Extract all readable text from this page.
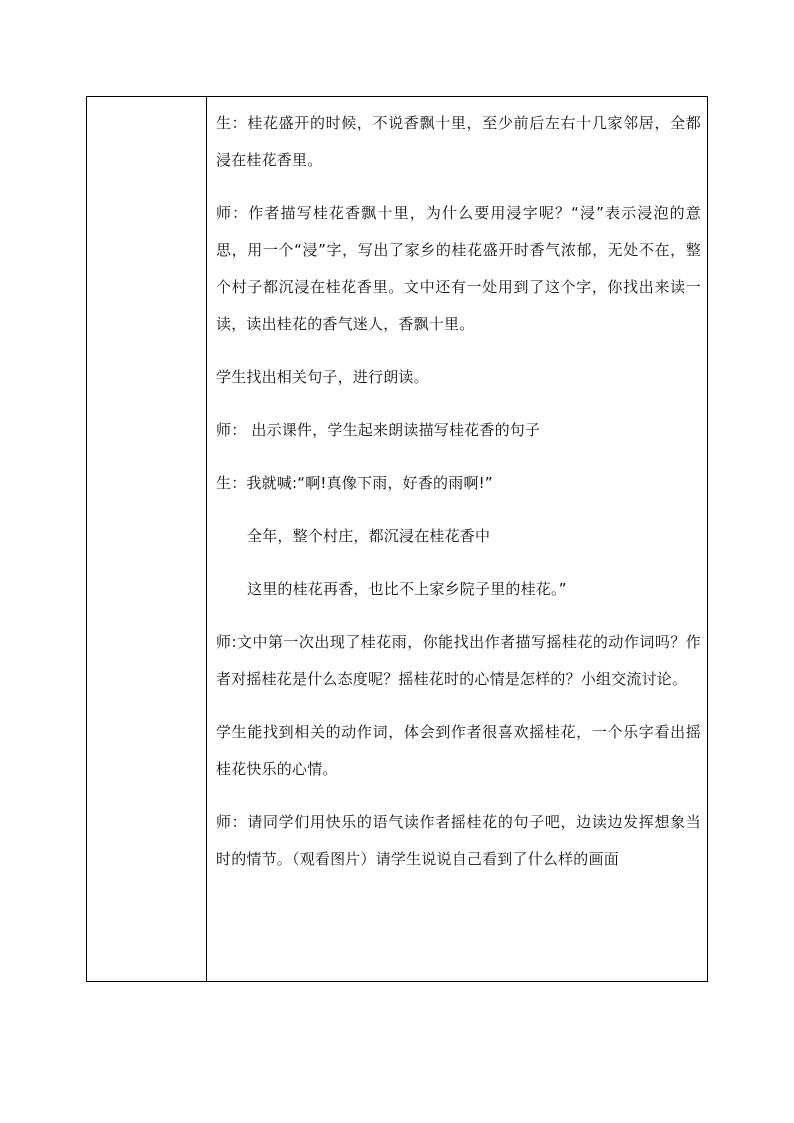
生：桂花盛开的时候，不说香飘十里，至少前后左右十几家邻居，全都浸在桂花香里。

师：作者描写桂花香飘十里，为什么要用浸字呢？“浸”表示浸泡的意思，用一个“浸”字，写出了家乡的桂花盛开时香气浓郁，无处不在，整个村子都沉浸在桂花香里。文中还有一处用到了这个字，你找出来读一读，读出桂花的香气迷人，香飘十里。

学生找出相关句子，进行朗读。

师： 出示课件，学生起来朗读描写桂花香的句子

生：我就喊:“啊!真像下雨，好香的雨啊!”

全年，整个村庄，都沉浸在桂花香中

这里的桂花再香，也比不上家乡院子里的桂花。”

师:文中第一次出现了桂花雨，你能找出作者描写摇桂花的动作词吗？作者对摇桂花是什么态度呢？摇桂花时的心情是怎样的？小组交流讨论。

学生能找到相关的动作词，体会到作者很喜欢摇桂花，一个乐字看出摇桂花快乐的心情。

师：请同学们用快乐的语气读作者摇桂花的句子吧，边读边发挥想象当时的情节。（观看图片）请学生说说自己看到了什么样的画面
